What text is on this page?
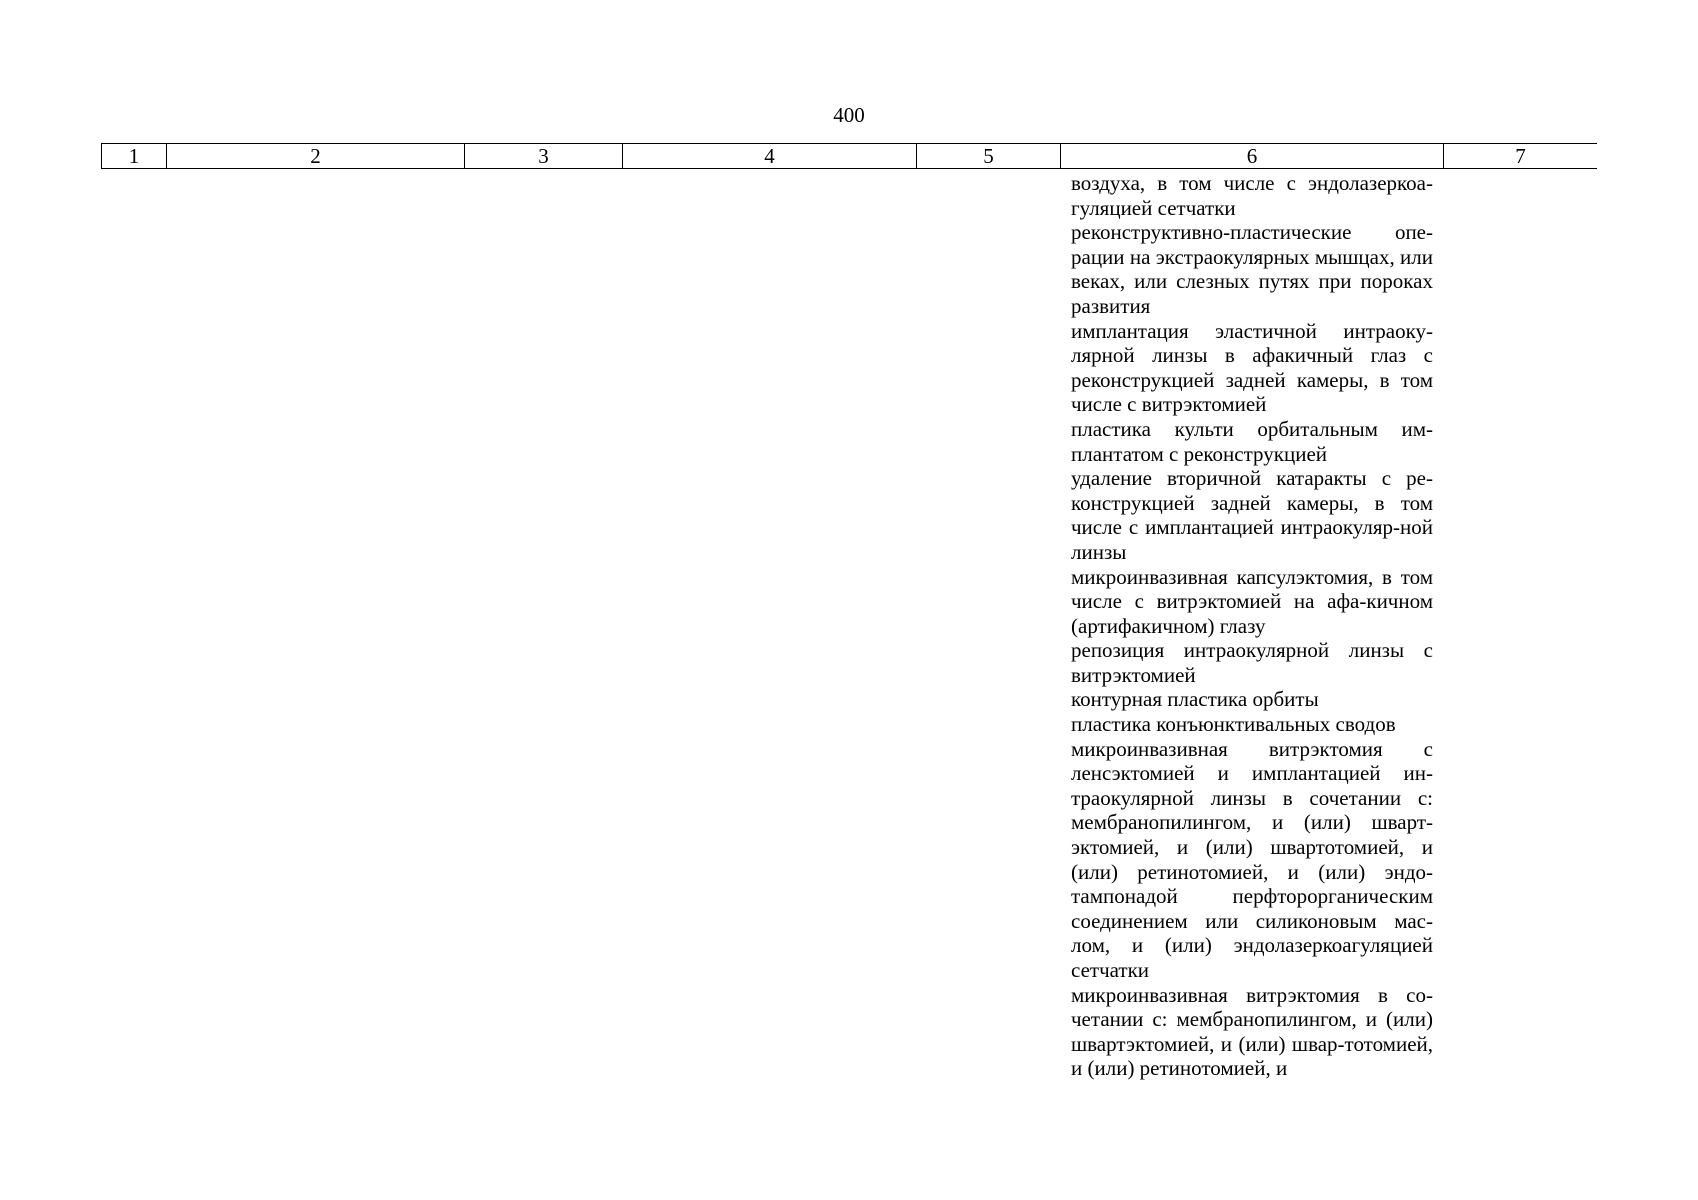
400
1	2	3	4	5	6	7
воздуха, в том числе с эндолазеркоа-гуляцией сетчатки
реконструктивно-пластические опе-рации на экстраокулярных мышцах, или веках, или слезных путях при пороках развития
имплантация эластичной интраоку-лярной линзы в афакичный глаз с реконструкцией задней камеры, в том числе с витрэктомией
пластика культи орбитальным им-плантатом с реконструкцией
удаление вторичной катаракты с ре-конструкцией задней камеры, в том числе с имплантацией интраокуляр-ной линзы
микроинвазивная капсулэктомия, в том числе с витрэктомией на афа-кичном (артифакичном) глазу
репозиция интраокулярной линзы с витрэктомией
контурная пластика орбиты
пластика конъюнктивальных сводов
микроинвазивная витрэктомия с ленсэктомией и имплантацией ин-траокулярной линзы в сочетании с: мембранопилингом, и (или) шварт-эктомией, и (или) швартотомией, и (или) ретинотомией, и (или) эндо-тампонадой перфторорганическим соединением или силиконовым мас-лом, и (или) эндолазеркоагуляцией сетчатки
микроинвазивная витрэктомия в со-четании с: мембранопилингом, и (или) швартэктомией, и (или) швар-тотомией, и (или) ретинотомией, и
